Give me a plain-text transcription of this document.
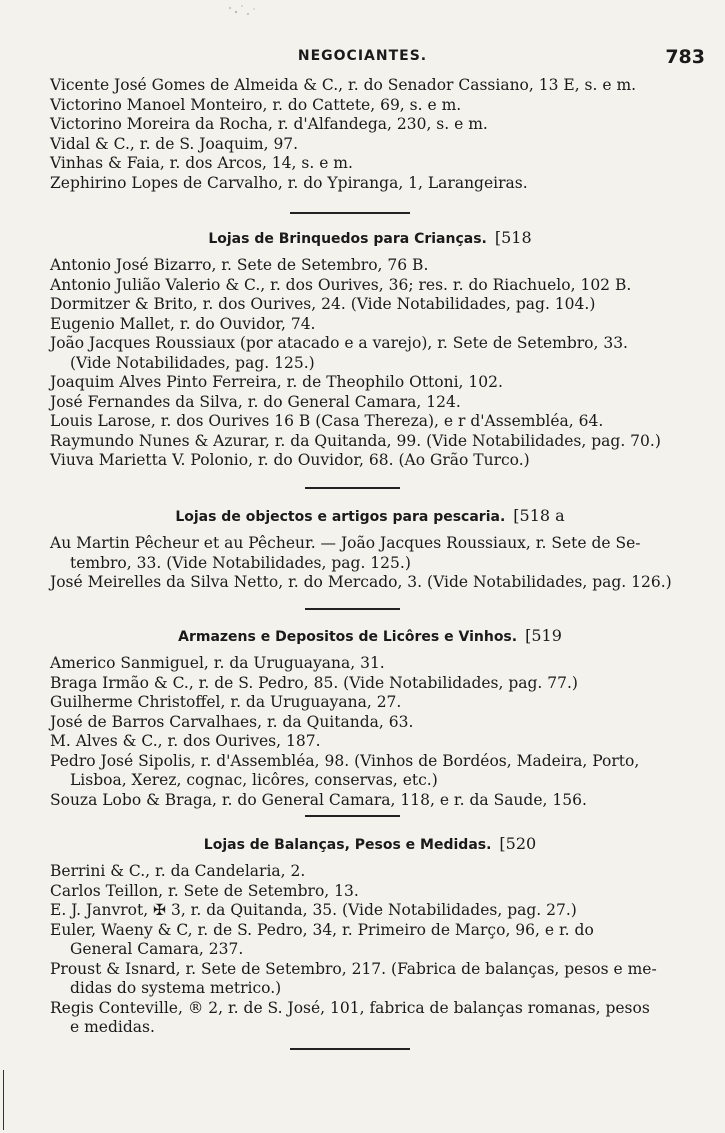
NEGOCIANTES.	783
Vicente José Gomes de Almeida & C., r. do Senador Cassiano, 13 E, s. e m.
Victorino Manoel Monteiro, r. do Cattete, 69, s. e m.
Victorino Moreira da Rocha, r. d'Alfandega, 230, s. e m.
Vidal & C., r. de S. Joaquim, 97.
Vinhas & Faia, r. dos Arcos, 14, s. e m.
Zephirino Lopes de Carvalho, r. do Ypiranga, 1, Larangeiras.
Lojas de Brinquedos para Crianças. [518
Antonio José Bizarro, r. Sete de Setembro, 76 B.
Antonio Julião Valerio & C., r. dos Ourives, 36; res. r. do Riachuelo, 102 B.
Dormitzer & Brito, r. dos Ourives, 24. (Vide Notabilidades, pag. 104.)
Eugenio Mallet, r. do Ouvidor, 74.
João Jacques Roussiaux (por atacado e a varejo), r. Sete de Setembro, 33.
(Vide Notabilidades, pag. 125.)
Joaquim Alves Pinto Ferreira, r. de Theophilo Ottoni, 102.
José Fernandes da Silva, r. do General Camara, 124.
Louis Larose, r. dos Ourives 16 B (Casa Thereza), e r d'Assembléa, 64.
Raymundo Nunes & Azurar, r. da Quitanda, 99. (Vide Notabilidades, pag. 70.)
Viuva Marietta V. Polonio, r. do Ouvidor, 68. (Ao Grão Turco.)
Lojas de objectos e artigos para pescaria. [518 a
Au Martin Pêcheur et au Pêcheur. — João Jacques Roussiaux, r. Sete de Se-
tembro, 33. (Vide Notabilidades, pag. 125.)
José Meirelles da Silva Netto, r. do Mercado, 3. (Vide Notabilidades, pag. 126.)
Armazens e Depositos de Licôres e Vinhos. [519
Americo Sanmiguel, r. da Uruguayana, 31.
Braga Irmão & C., r. de S. Pedro, 85. (Vide Notabilidades, pag. 77.)
Guilherme Christoffel, r. da Uruguayana, 27.
José de Barros Carvalhaes, r. da Quitanda, 63.
M. Alves & C., r. dos Ourives, 187.
Pedro José Sipolis, r. d'Assembléa, 98. (Vinhos de Bordéos, Madeira, Porto,
Lisboa, Xerez, cognac, licôres, conservas, etc.)
Souza Lobo & Braga, r. do General Camara, 118, e r. da Saude, 156.
Lojas de Balanças, Pesos e Medidas. [520
Berrini & C., r. da Candelaria, 2.
Carlos Teillon, r. Sete de Setembro, 13.
E. J. Janvrot, ✠ 3, r. da Quitanda, 35. (Vide Notabilidades, pag. 27.)
Euler, Waeny & C, r. de S. Pedro, 34, r. Primeiro de Março, 96, e r. do
General Camara, 237.
Proust & Isnard, r. Sete de Setembro, 217. (Fabrica de balanças, pesos e me-
didas do systema metrico.)
Regis Conteville, ® 2, r. de S. José, 101, fabrica de balanças romanas, pesos
e medidas.
